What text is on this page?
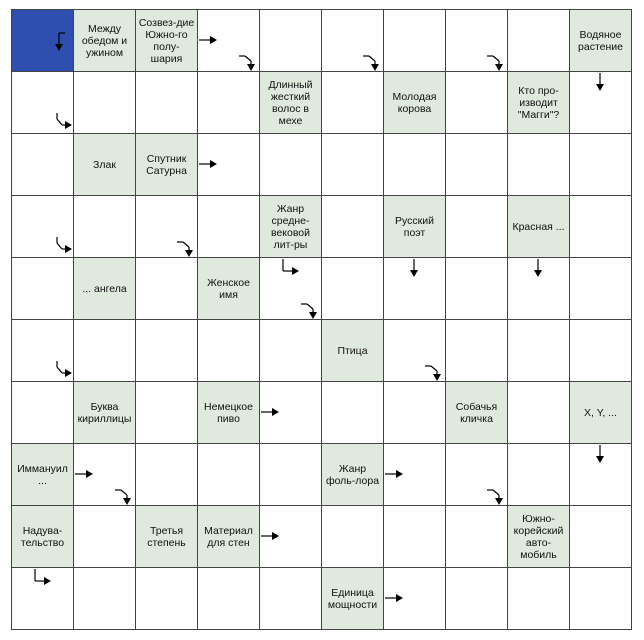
Между обедом и ужином
Созвез-дие Южно-го полу-шария
Водяное растение
Длинный жесткий волос в мехе
Молодая корова
Кто про-изводит "Магги"?
Злак	Спутник Сатурна
Жанр средне-вековой лит-ры
Русский поэт	Красная ...
... ангела	Женское имя
Птица
Буква кириллицы
Немецкое пиво
Собачья кличка	X, Y, ...
Иммануил ...
Жанр фоль-лора
Надува-тельство
Третья степень
Материал для стен
Южно-корейский авто-мобиль
Единица мощности
